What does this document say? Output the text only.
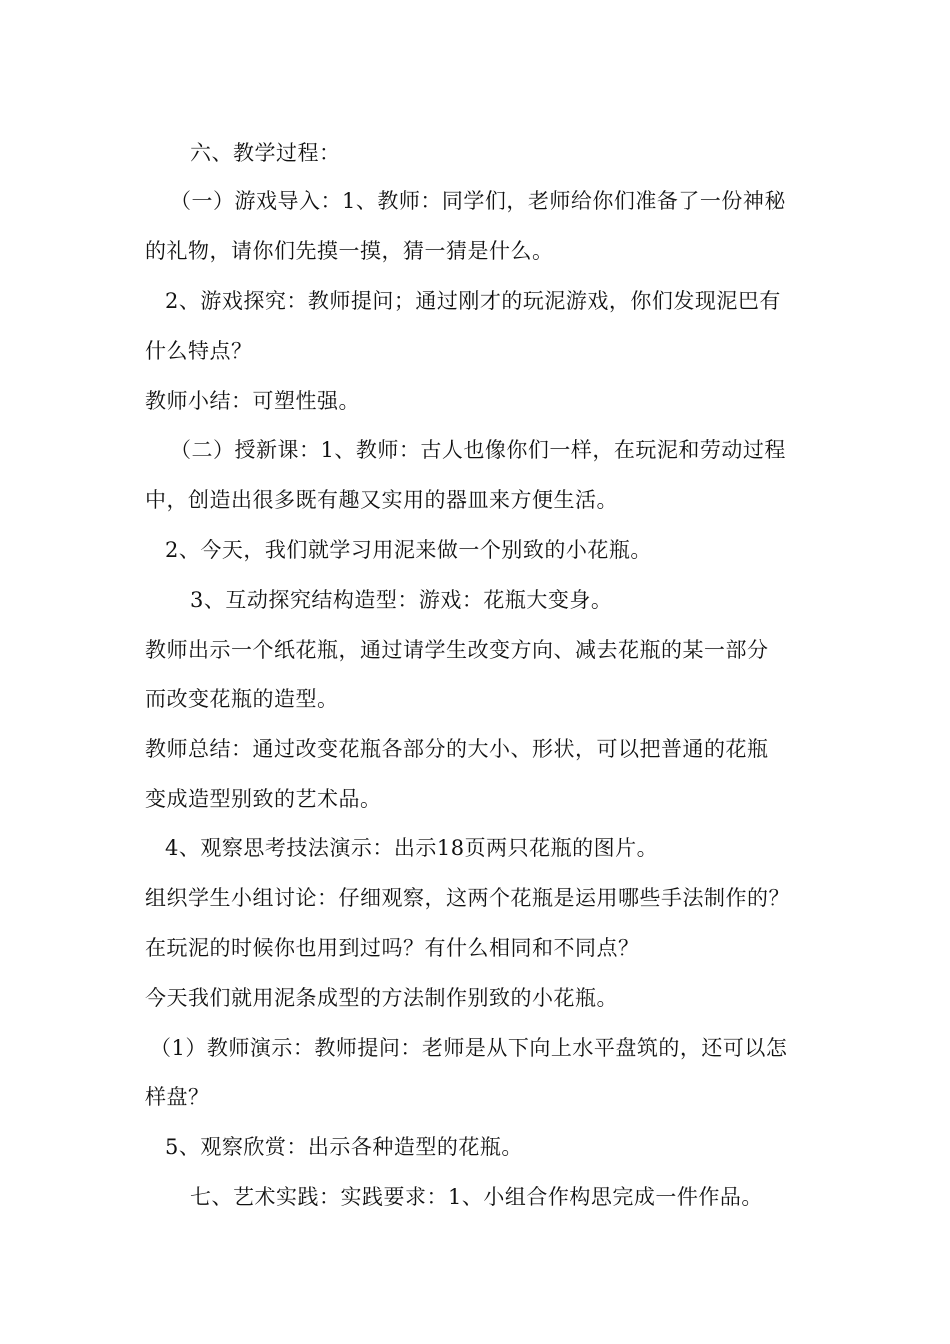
六、教学过程：
（一）游戏导入：1、教师：同学们，老师给你们准备了一份神秘
的礼物，请你们先摸一摸，猜一猜是什么。
2、游戏探究：教师提问；通过刚才的玩泥游戏，你们发现泥巴有
什么特点？
教师小结：可塑性强。
（二）授新课：1、教师：古人也像你们一样，在玩泥和劳动过程
中，创造出很多既有趣又实用的器皿来方便生活。
2、今天，我们就学习用泥来做一个别致的小花瓶。
3、互动探究结构造型：游戏：花瓶大变身。
教师出示一个纸花瓶，通过请学生改变方向、减去花瓶的某一部分
而改变花瓶的造型。
教师总结：通过改变花瓶各部分的大小、形状，可以把普通的花瓶
变成造型别致的艺术品。
4、观察思考技法演示：出示18页两只花瓶的图片。
组织学生小组讨论：仔细观察，这两个花瓶是运用哪些手法制作的？
在玩泥的时候你也用到过吗？有什么相同和不同点？
今天我们就用泥条成型的方法制作别致的小花瓶。
（1）教师演示：教师提问：老师是从下向上水平盘筑的，还可以怎
样盘？
5、观察欣赏：出示各种造型的花瓶。
七、艺术实践：实践要求：1、小组合作构思完成一件作品。
